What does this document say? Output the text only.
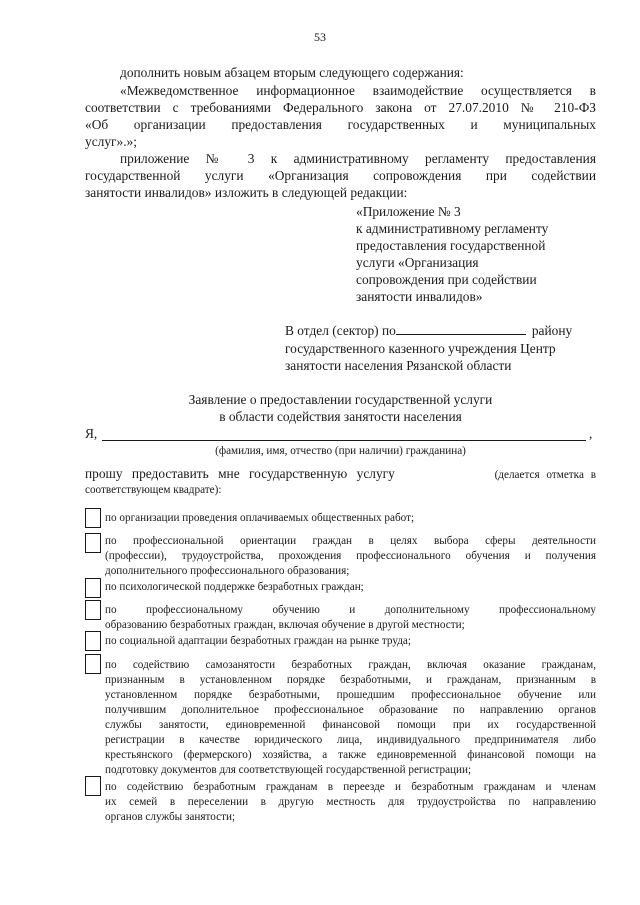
53
дополнить новым абзацем вторым следующего содержания:
«Межведомственное информационное взаимодействие осуществляется в
соответствии с требованиями Федерального закона от 27.07.2010 № 210-ФЗ
«Об организации предоставления государственных и муниципальных
услуг».»;
приложение № 3 к административному регламенту предоставления
государственной услуги «Организация сопровождения при содействии
занятости инвалидов» изложить в следующей редакции:
«Приложение № 3
к административному регламенту
предоставления государственной
услуги «Организация
сопровождения при содействии
занятости инвалидов»
В отдел (сектор) по	району
государственного казенного учреждения Центр
занятости населения Рязанской области
Заявление о предоставлении государственной услуги
в области содействия занятости населения
Я,	,
(фамилия, имя, отчество (при наличии) гражданина)
прошу предоставить мне государственную услугу	(делается отметка в
соответствующем квадрате):
по организации проведения оплачиваемых общественных работ;
по профессиональной ориентации граждан в целях выбора сферы деятельности
(профессии), трудоустройства, прохождения профессионального обучения и получения
дополнительного профессионального образования;
по психологической поддержке безработных граждан;
по профессиональному обучению и дополнительному профессиональному
образованию безработных граждан, включая обучение в другой местности;
по социальной адаптации безработных граждан на рынке труда;
по содействию самозанятости безработных граждан, включая оказание гражданам,
признанным в установленном порядке безработными, и гражданам, признанным в
установленном порядке безработными, прошедшим профессиональное обучение или
получившим дополнительное профессиональное образование по направлению органов
службы занятости, единовременной финансовой помощи при их государственной
регистрации в качестве юридического лица, индивидуального предпринимателя либо
крестьянского (фермерского) хозяйства, а также единовременной финансовой помощи на
подготовку документов для соответствующей государственной регистрации;
по содействию безработным гражданам в переезде и безработным гражданам и членам
их семей в переселении в другую местность для трудоустройства по направлению
органов службы занятости;
